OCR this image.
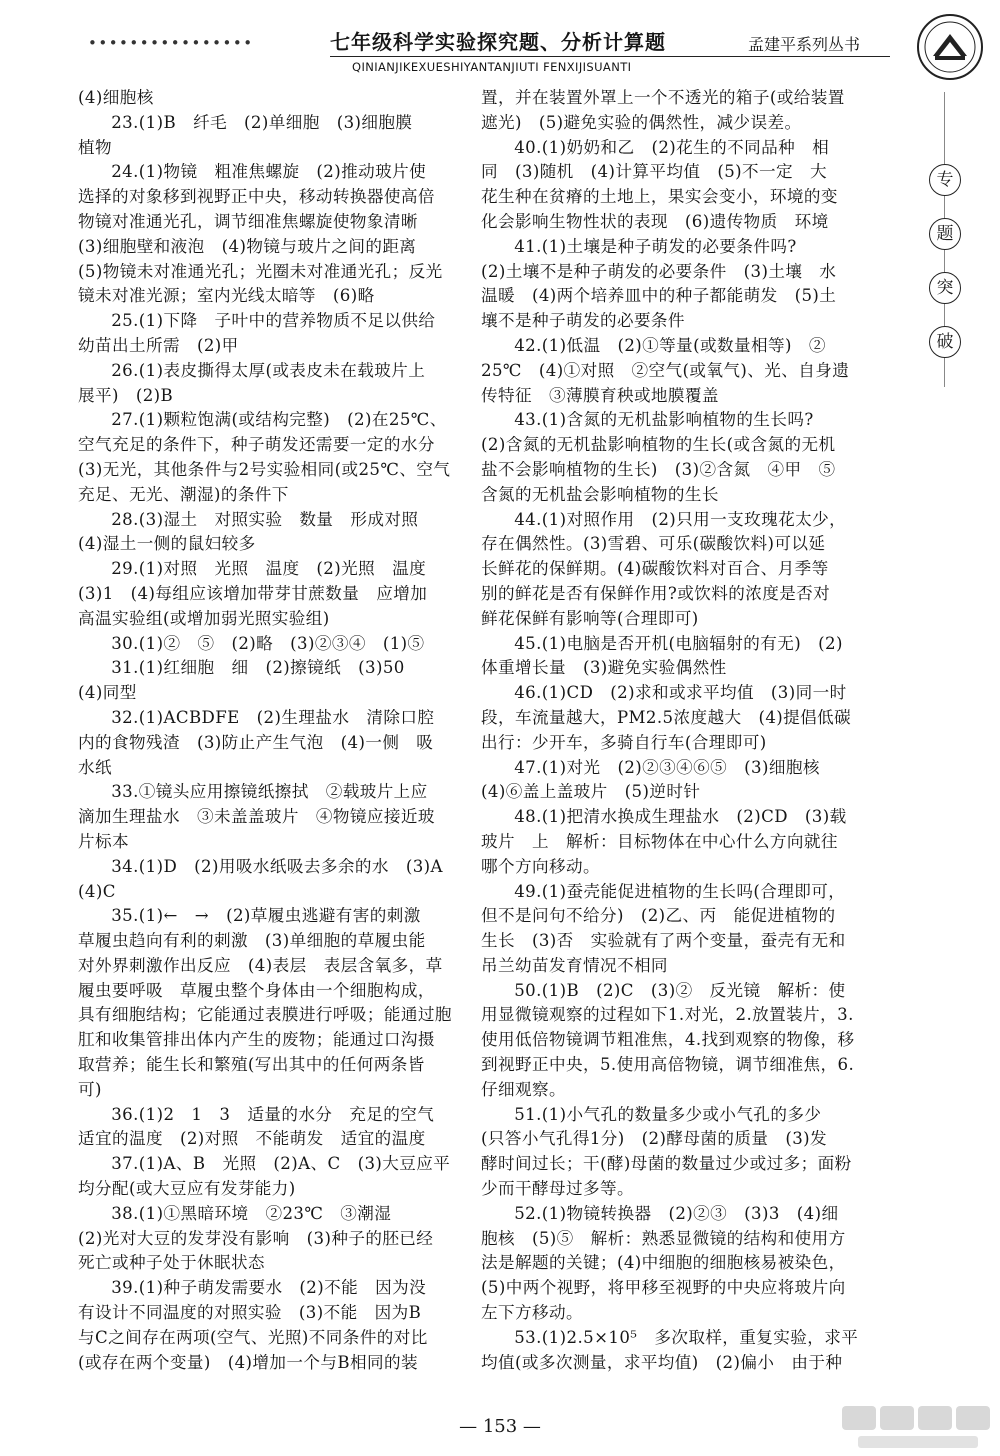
••••••••••••••••	七年级科学实验探究题、分析计算题
QINIANJIKEXUESHIYANTANJIUTI FENXIJISUANTI
孟建平系列丛书
专
题
突
破
(4)细胞核
23.(1)B　纤毛　(2)单细胞　(3)细胞膜
植物
24.(1)物镜　粗准焦螺旋　(2)推动玻片使
选择的对象移到视野正中央，移动转换器使高倍
物镜对准通光孔，调节细准焦螺旋使物象清晰
(3)细胞壁和液泡　(4)物镜与玻片之间的距离
(5)物镜未对准通光孔；光圈未对准通光孔；反光
镜未对准光源；室内光线太暗等　(6)略
25.(1)下降　子叶中的营养物质不足以供给
幼苗出土所需　(2)甲
26.(1)表皮撕得太厚(或表皮未在载玻片上
展平)　(2)B
27.(1)颗粒饱满(或结构完整)　(2)在25℃、
空气充足的条件下，种子萌发还需要一定的水分
(3)无光，其他条件与2号实验相同(或25℃、空气
充足、无光、潮湿)的条件下
28.(3)湿土　对照实验　数量　形成对照
(4)湿土一侧的鼠妇较多
29.(1)对照　光照　温度　(2)光照　温度
(3)1　(4)每组应该增加带芽甘蔗数量　应增加
高温实验组(或增加弱光照实验组)
30.(1)②　⑤　(2)略　(3)②③④　(1)⑤
31.(1)红细胞　细　(2)擦镜纸　(3)50
(4)同型
32.(1)ACBDFE　(2)生理盐水　清除口腔
内的食物残渣　(3)防止产生气泡　(4)一侧　吸
水纸
33.①镜头应用擦镜纸擦拭　②载玻片上应
滴加生理盐水　③未盖盖玻片　④物镜应接近玻
片标本
34.(1)D　(2)用吸水纸吸去多余的水　(3)A
(4)C
35.(1)←　→　(2)草履虫逃避有害的刺激
草履虫趋向有利的刺激　(3)单细胞的草履虫能
对外界刺激作出反应　(4)表层　表层含氧多，草
履虫要呼吸　草履虫整个身体由一个细胞构成，
具有细胞结构；它能通过表膜进行呼吸；能通过胞
肛和收集管排出体内产生的废物；能通过口沟摄
取营养；能生长和繁殖(写出其中的任何两条皆
可)
36.(1)2　1　3　适量的水分　充足的空气
适宜的温度　(2)对照　不能萌发　适宜的温度
37.(1)A、B　光照　(2)A、C　(3)大豆应平
均分配(或大豆应有发芽能力)
38.(1)①黑暗环境　②23℃　③潮湿
(2)光对大豆的发芽没有影响　(3)种子的胚已经
死亡或种子处于休眠状态
39.(1)种子萌发需要水　(2)不能　因为没
有设计不同温度的对照实验　(3)不能　因为B
与C之间存在两项(空气、光照)不同条件的对比
(或存在两个变量)　(4)增加一个与B相同的装
置，并在装置外罩上一个不透光的箱子(或给装置
遮光)　(5)避免实验的偶然性，减少误差。
40.(1)奶奶和乙　(2)花生的不同品种　相
同　(3)随机　(4)计算平均值　(5)不一定　大
花生种在贫瘠的土地上，果实会变小，环境的变
化会影响生物性状的表现　(6)遗传物质　环境
41.(1)土壤是种子萌发的必要条件吗?
(2)土壤不是种子萌发的必要条件　(3)土壤　水
温暖　(4)两个培养皿中的种子都能萌发　(5)土
壤不是种子萌发的必要条件
42.(1)低温　(2)①等量(或数量相等)　②
25℃　(4)①对照　②空气(或氧气)、光、自身遗
传特征　③薄膜育秧或地膜覆盖
43.(1)含氮的无机盐影响植物的生长吗?
(2)含氮的无机盐影响植物的生长(或含氮的无机
盐不会影响植物的生长)　(3)②含氮　④甲　⑤
含氮的无机盐会影响植物的生长
44.(1)对照作用　(2)只用一支玫瑰花太少，
存在偶然性。(3)雪碧、可乐(碳酸饮料)可以延
长鲜花的保鲜期。(4)碳酸饮料对百合、月季等
别的鲜花是否有保鲜作用?或饮料的浓度是否对
鲜花保鲜有影响等(合理即可)
45.(1)电脑是否开机(电脑辐射的有无)　(2)
体重增长量　(3)避免实验偶然性
46.(1)CD　(2)求和或求平均值　(3)同一时
段，车流量越大，PM2.5浓度越大　(4)提倡低碳
出行：少开车，多骑自行车(合理即可)
47.(1)对光　(2)②③④⑥⑤　(3)细胞核
(4)⑥盖上盖玻片　(5)逆时针
48.(1)把清水换成生理盐水　(2)CD　(3)载
玻片　上　解析：目标物体在中心什么方向就往
哪个方向移动。
49.(1)蚕壳能促进植物的生长吗(合理即可，
但不是问句不给分)　(2)乙、丙　能促进植物的
生长　(3)否　实验就有了两个变量，蚕壳有无和
吊兰幼苗发育情况不相同
50.(1)B　(2)C　(3)②　反光镜　解析：使
用显微镜观察的过程如下1.对光，2.放置装片，3.
使用低倍物镜调节粗准焦，4.找到观察的物像，移
到视野正中央，5.使用高倍物镜，调节细准焦，6.
仔细观察。
51.(1)小气孔的数量多少或小气孔的多少
(只答小气孔得1分)　(2)酵母菌的质量　(3)发
酵时间过长；干(酵)母菌的数量过少或过多；面粉
少而干酵母过多等。
52.(1)物镜转换器　(2)②③　(3)3　(4)细
胞核　(5)⑤　解析：熟悉显微镜的结构和使用方
法是解题的关键；(4)中细胞的细胞核易被染色，
(5)中两个视野，将甲移至视野的中央应将玻片向
左下方移动。
53.(1)2.5×10⁵　多次取样，重复实验，求平
均值(或多次测量，求平均值)　(2)偏小　由于种
— 153 —
